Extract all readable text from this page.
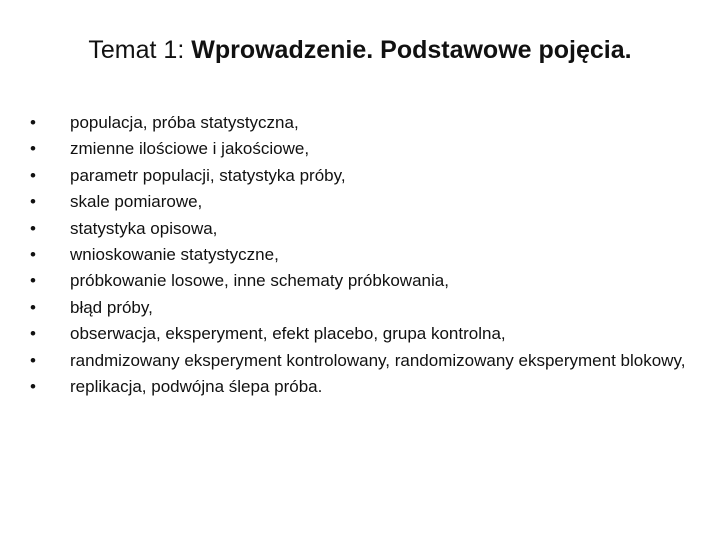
Temat 1: Wprowadzenie. Podstawowe pojęcia.
•	populacja, próba statystyczna,
•	zmienne ilościowe i jakościowe,
•	parametr populacji, statystyka próby,
•	skale pomiarowe,
•	statystyka opisowa,
•	wnioskowanie statystyczne,
•	próbkowanie losowe, inne schematy próbkowania,
•	błąd próby,
•	obserwacja, eksperyment, efekt placebo, grupa kontrolna,
•	randmizowany eksperyment kontrolowany, randomizowany eksperyment blokowy,
•	replikacja, podwójna ślepa próba.
